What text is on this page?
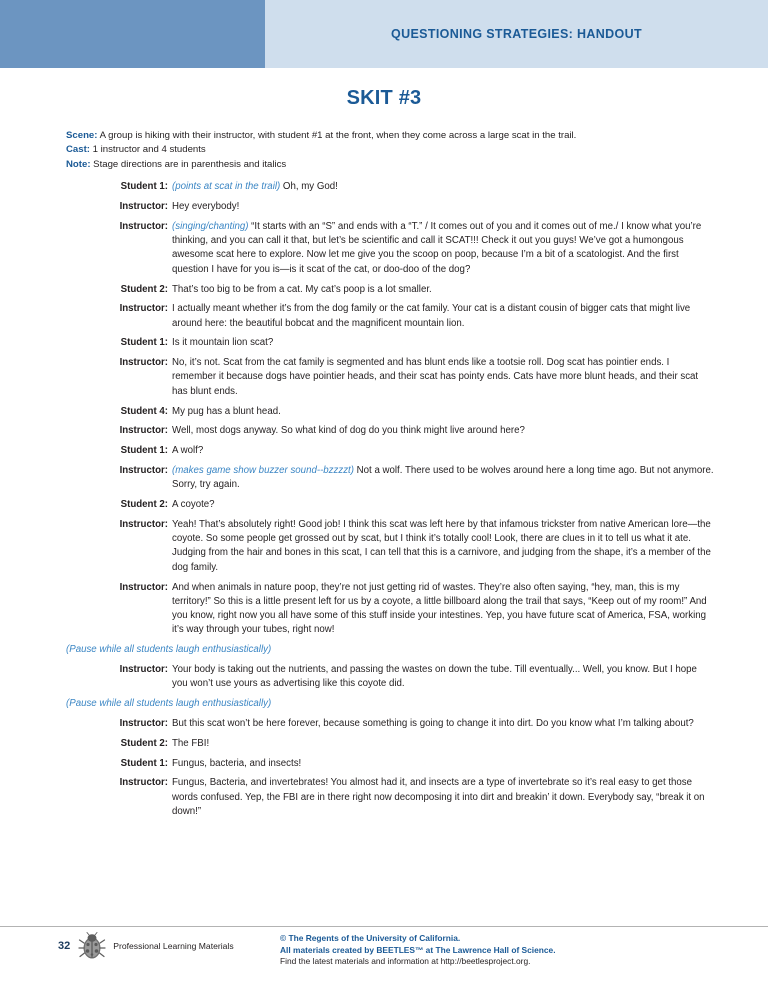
QUESTIONING STRATEGIES: HANDOUT
SKIT #3
Scene: A group is hiking with their instructor, with student #1 at the front, when they come across a large scat in the trail.
Cast: 1 instructor and 4 students
Note: Stage directions are in parenthesis and italics
Student 1: (points at scat in the trail) Oh, my God!
Instructor: Hey everybody!
Instructor: (singing/chanting) “It starts with an “S” and ends with a “T.” / It comes out of you and it comes out of me./ I know what you’re thinking, and you can call it that, but let’s be scientific and call it SCAT!!! Check it out you guys! We’ve got a humongous awesome scat here to explore. Now let me give you the scoop on poop, because I’m a bit of a scatologist. And the first question I have for you is—is it scat of the cat, or doo-doo of the dog?
Student 2: That’s too big to be from a cat. My cat’s poop is a lot smaller.
Instructor: I actually meant whether it’s from the dog family or the cat family. Your cat is a distant cousin of bigger cats that might live around here: the beautiful bobcat and the magnificent mountain lion.
Student 1: Is it mountain lion scat?
Instructor: No, it’s not. Scat from the cat family is segmented and has blunt ends like a tootsie roll. Dog scat has pointier ends. I remember it because dogs have pointier heads, and their scat has pointy ends. Cats have more blunt heads, and their scat has blunt ends.
Student 4: My pug has a blunt head.
Instructor: Well, most dogs anyway. So what kind of dog do you think might live around here?
Student 1: A wolf?
Instructor: (makes game show buzzer sound--bzzzzt) Not a wolf. There used to be wolves around here a long time ago. But not anymore. Sorry, try again.
Student 2: A coyote?
Instructor: Yeah! That’s absolutely right! Good job! I think this scat was left here by that infamous trickster from native American lore—the coyote. So some people get grossed out by scat, but I think it’s totally cool! Look, there are clues in it to tell us what it ate. Judging from the hair and bones in this scat, I can tell that this is a carnivore, and judging from the shape, it’s a member of the dog family.
Instructor: And when animals in nature poop, they’re not just getting rid of wastes. They’re also often saying, “hey, man, this is my territory!” So this is a little present left for us by a coyote, a little billboard along the trail that says, “Keep out of my room!” And you know, right now you all have some of this stuff inside your intestines. Yep, you have future scat of America, FSA, working it’s way through your tubes, right now!
(Pause while all students laugh enthusiastically)
Instructor: Your body is taking out the nutrients, and passing the wastes on down the tube. Till eventually... Well, you know. But I hope you won’t use yours as advertising like this coyote did.
(Pause while all students laugh enthusiastically)
Instructor: But this scat won’t be here forever, because something is going to change it into dirt. Do you know what I’m talking about?
Student 2: The FBI!
Student 1: Fungus, bacteria, and insects!
Instructor: Fungus, Bacteria, and invertebrates! You almost had it, and insects are a type of invertebrate so it’s real easy to get those words confused. Yep, the FBI are in there right now decomposing it into dirt and breakin’ it down. Everybody say, “break it on down!”
32	Professional Learning Materials
© The Regents of the University of California.
All materials created by BEETLES™ at The Lawrence Hall of Science.
Find the latest materials and information at http://beetlesproject.org.
